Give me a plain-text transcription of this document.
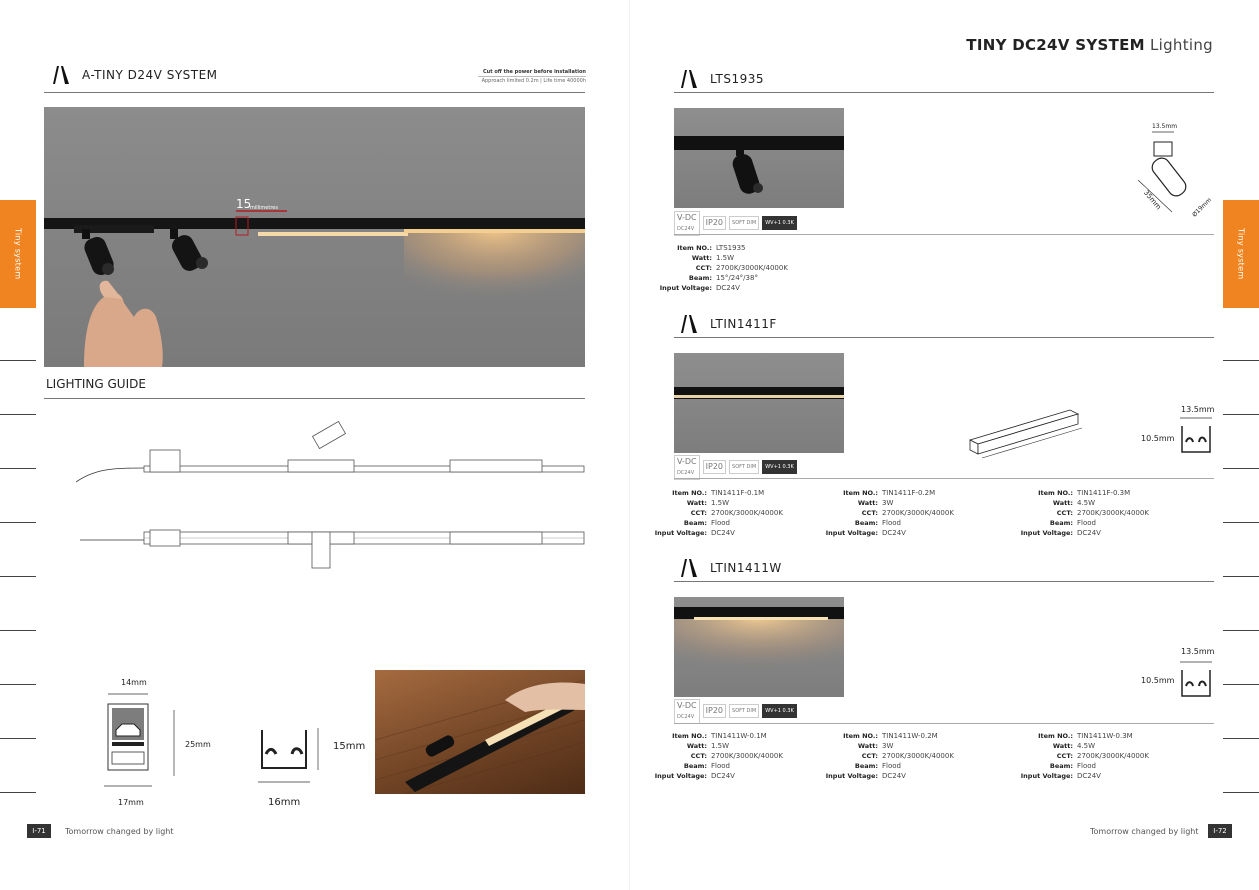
A-TINY D24V SYSTEM	Cut off the power before installation
Approach limited 0.2m | Life time 40000h
15
millimetres
LIGHTING GUIDE
14mm
17mm
25mm
16mm
15mm
Tiny system
I-71	Tomorrow changed by light
TINY DC24V SYSTEM Lighting
LTS1935
V-DC
DC24V
IP20	SOFT DIM	WV+1 0.3K
13.5mm
35mm	Ø19mm
Item NO.: LTS1935
Watt: 1.5W
CCT: 2700K/3000K/4000K
Beam: 15°/24°/38°
Input Voltage: DC24V
LTIN1411F
V-DC
DC24V
IP20	SOFT DIM	WV+1 0.3K
13.5mm
10.5mm
Item NO.: TIN1411F-0.1M
Watt: 1.5W
CCT: 2700K/3000K/4000K
Beam: Flood
Input Voltage: DC24V
Item NO.: TIN1411F-0.2M
Watt: 3W
CCT: 2700K/3000K/4000K
Beam: Flood
Input Voltage: DC24V
Item NO.: TIN1411F-0.3M
Watt: 4.5W
CCT: 2700K/3000K/4000K
Beam: Flood
Input Voltage: DC24V
LTIN1411W
V-DC
DC24V
IP20	SOFT DIM	WV+1 0.3K
13.5mm
10.5mm
Item NO.: TIN1411W-0.1M
Watt: 1.5W
CCT: 2700K/3000K/4000K
Beam: Flood
Input Voltage: DC24V
Item NO.: TIN1411W-0.2M
Watt: 3W
CCT: 2700K/3000K/4000K
Beam: Flood
Input Voltage: DC24V
Item NO.: TIN1411W-0.3M
Watt: 4.5W
CCT: 2700K/3000K/4000K
Beam: Flood
Input Voltage: DC24V
Tiny system
Tomorrow changed by light	I-72
